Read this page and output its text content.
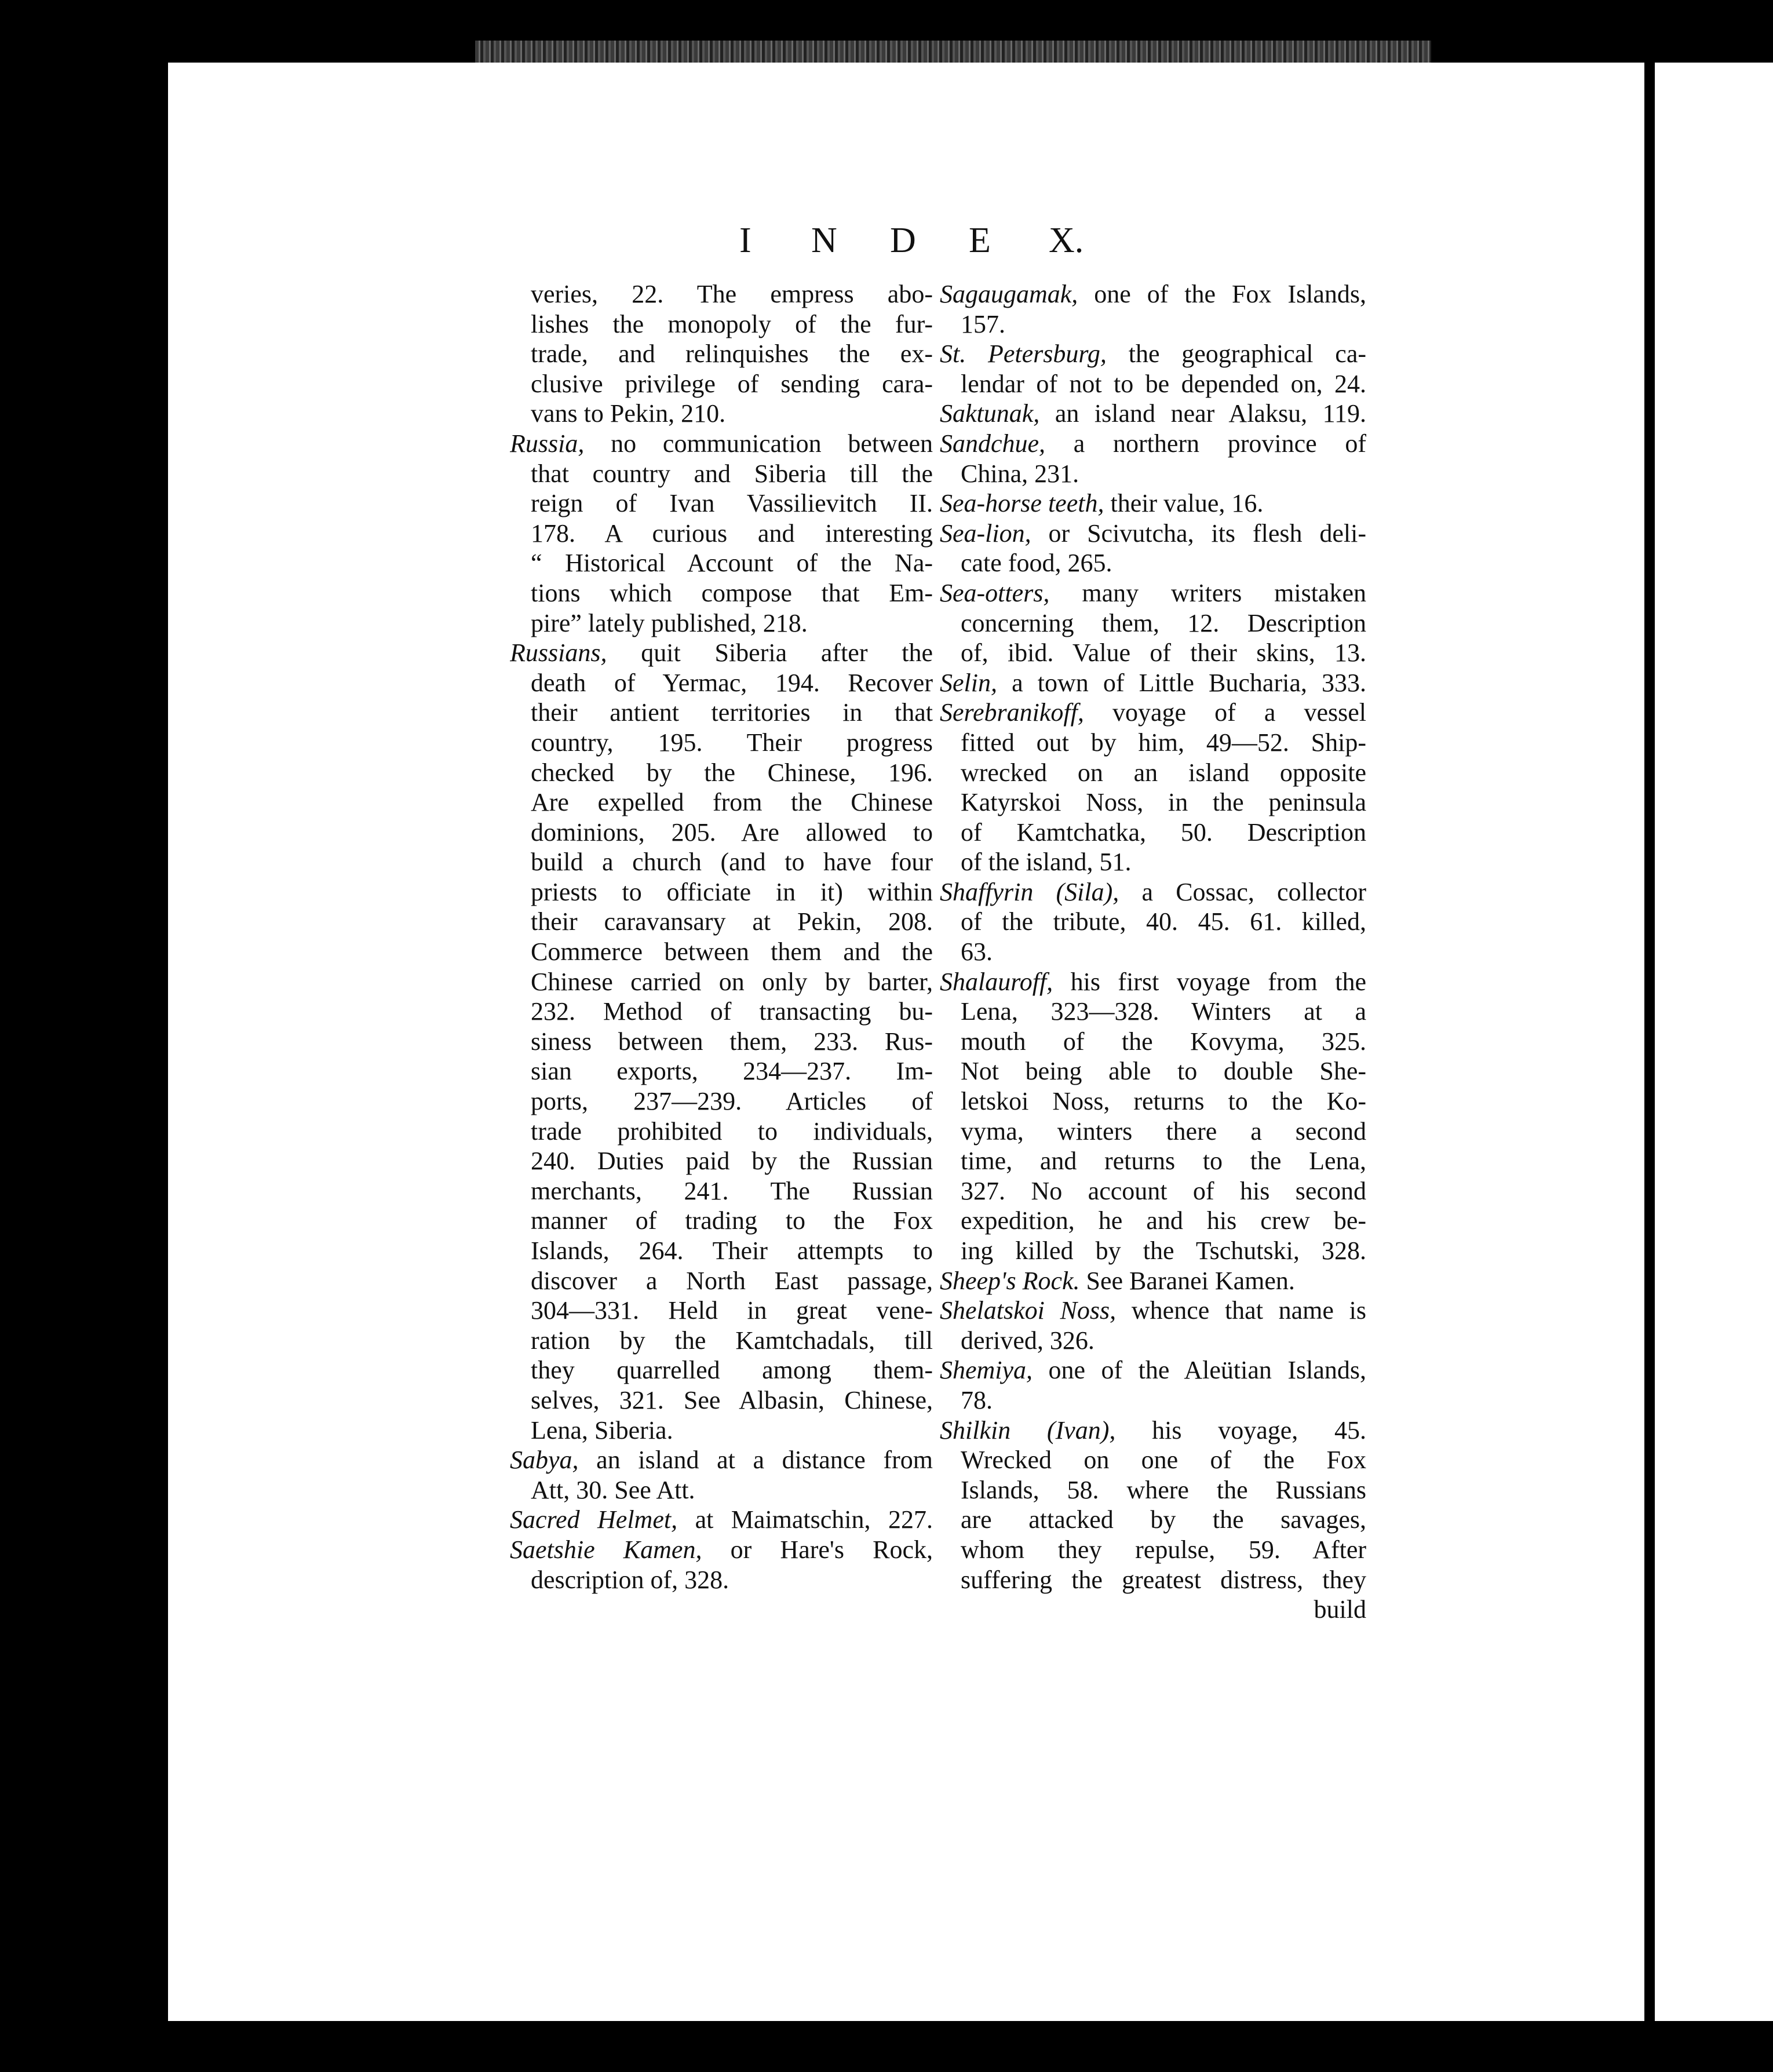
I N D E X.
veries, 22. The empress abo-
lishes the monopoly of the fur-
trade, and relinquishes the ex-
clusive privilege of sending cara-
vans to Pekin, 210.
Russia, no communication between
that country and Siberia till the
reign of Ivan Vassilievitch II.
178. A curious and interesting
“ Historical Account of the Na-
tions which compose that Em-
pire” lately published, 218.
Russians, quit Siberia after the
death of Yermac, 194. Recover
their antient territories in that
country, 195. Their progress
checked by the Chinese, 196.
Are expelled from the Chinese
dominions, 205. Are allowed to
build a church (and to have four
priests to officiate in it) within
their caravansary at Pekin, 208.
Commerce between them and the
Chinese carried on only by barter,
232. Method of transacting bu-
siness between them, 233. Rus-
sian exports, 234—237. Im-
ports, 237—239. Articles of
trade prohibited to individuals,
240. Duties paid by the Russian
merchants, 241. The Russian
manner of trading to the Fox
Islands, 264. Their attempts to
discover a North East passage,
304—331. Held in great vene-
ration by the Kamtchadals, till
they quarrelled among them-
selves, 321. See Albasin, Chinese,
Lena, Siberia.
Sabya, an island at a distance from
Att, 30. See Att.
Sacred Helmet, at Maimatschin, 227.
Saetshie Kamen, or Hare's Rock,
description of, 328.
Sagaugamak, one of the Fox Islands,
157.
St. Petersburg, the geographical ca-
lendar of not to be depended on, 24.
Saktunak, an island near Alaksu, 119.
Sandchue, a northern province of
China, 231.
Sea-horse teeth, their value, 16.
Sea-lion, or Scivutcha, its flesh deli-
cate food, 265.
Sea-otters, many writers mistaken
concerning them, 12. Description
of, ibid. Value of their skins, 13.
Selin, a town of Little Bucharia, 333.
Serebranikoff, voyage of a vessel
fitted out by him, 49—52. Ship-
wrecked on an island opposite
Katyrskoi Noss, in the peninsula
of Kamtchatka, 50. Description
of the island, 51.
Shaffyrin (Sila), a Cossac, collector
of the tribute, 40. 45. 61. killed,
63.
Shalauroff, his first voyage from the
Lena, 323—328. Winters at a
mouth of the Kovyma, 325.
Not being able to double She-
letskoi Noss, returns to the Ko-
vyma, winters there a second
time, and returns to the Lena,
327. No account of his second
expedition, he and his crew be-
ing killed by the Tschutski, 328.
Sheep's Rock. See Baranei Kamen.
Shelatskoi Noss, whence that name is
derived, 326.
Shemiya, one of the Aleütian Islands,
78.
Shilkin (Ivan), his voyage, 45.
Wrecked on one of the Fox
Islands, 58. where the Russians
are attacked by the savages,
whom they repulse, 59. After
suffering the greatest distress, they
build
